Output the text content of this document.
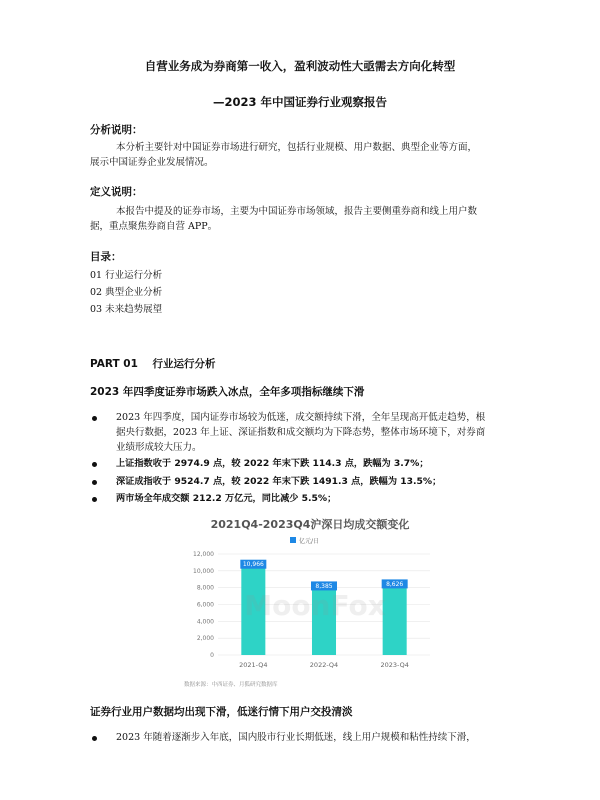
自营业务成为券商第一收入，盈利波动性大亟需去方向化转型
—2023 年中国证券行业观察报告
分析说明：
本分析主要针对中国证券市场进行研究，包括行业规模、用户数据、典型企业等方面，
展示中国证券企业发展情况。
定义说明：
本报告中提及的证券市场，主要为中国证券市场领域，报告主要侧重券商和线上用户数
据，重点聚焦券商自营 APP。
目录：
01 行业运行分析
02 典型企业分析
03 未来趋势展望
PART 01    行业运行分析
2023 年四季度证券市场跌入冰点，全年多项指标继续下滑
2023 年四季度，国内证券市场较为低迷，成交额持续下滑，全年呈现高开低走趋势，根
据央行数据，2023 年上证、深证指数和成交额均为下降态势，整体市场环境下，对券商
业绩形成较大压力。
上证指数收于 2974.9 点，较 2022 年末下跌 114.3 点，跌幅为 3.7%；
深证成指收于 9524.7 点，较 2022 年末下跌 1491.3 点，跌幅为 13.5%；
两市场全年成交额 212.2 万亿元，同比减少 5.5%；
2021Q4-2023Q4沪深日均成交额变化
亿元/日
0
2,000
4,000
6,000
8,000
10,000
12,000
10,966
8,385	8,626
2021-Q4	2022-Q4	2023-Q4
MoonFox
数据来源：中西证券、月狐研究数据库
证券行业用户数据均出现下滑，低迷行情下用户交投清淡
2023 年随着逐渐步入年底，国内股市行业长期低迷，线上用户规模和粘性持续下滑，
